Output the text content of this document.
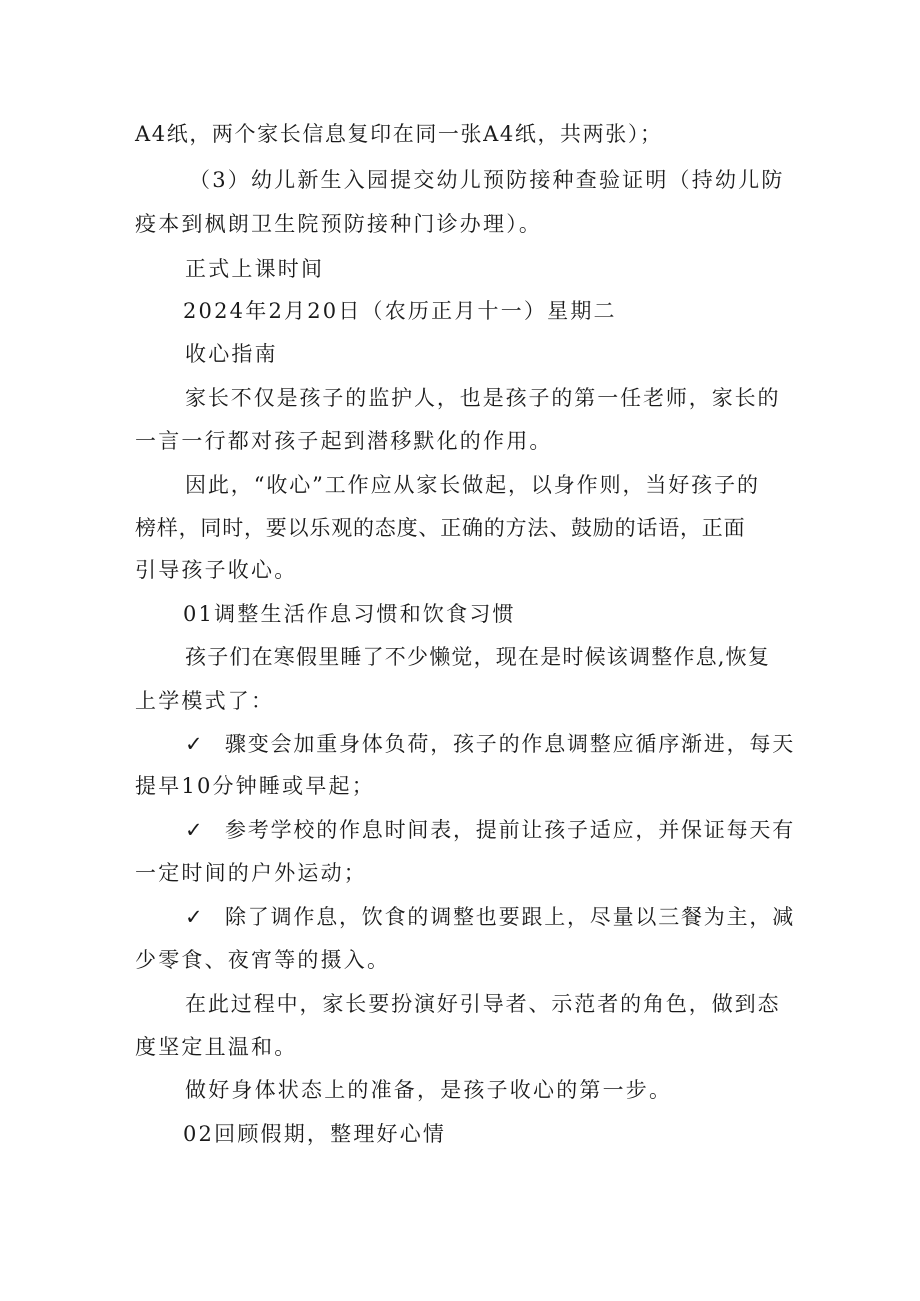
A4纸，两个家长信息复印在同一张A4纸，共两张）；
（3）幼儿新生入园提交幼儿预防接种查验证明（持幼儿防
疫本到枫朗卫生院预防接种门诊办理）。
正式上课时间
2024年2月20日（农历正月十一）星期二
收心指南
家长不仅是孩子的监护人，也是孩子的第一任老师，家长的
一言一行都对孩子起到潜移默化的作用。
因此，“收心”工作应从家长做起，以身作则，当好孩子的
榜样，同时，要以乐观的态度、正确的方法、鼓励的话语，正面
引导孩子收心。
01调整生活作息习惯和饮食习惯
孩子们在寒假里睡了不少懒觉，现在是时候该调整作息,恢复
上学模式了：
✓ 骤变会加重身体负荷，孩子的作息调整应循序渐进，每天
提早10分钟睡或早起；
✓ 参考学校的作息时间表，提前让孩子适应，并保证每天有
一定时间的户外运动；
✓ 除了调作息，饮食的调整也要跟上，尽量以三餐为主，减
少零食、夜宵等的摄入。
在此过程中，家长要扮演好引导者、示范者的角色，做到态
度坚定且温和。
做好身体状态上的准备，是孩子收心的第一步。
02回顾假期，整理好心情
